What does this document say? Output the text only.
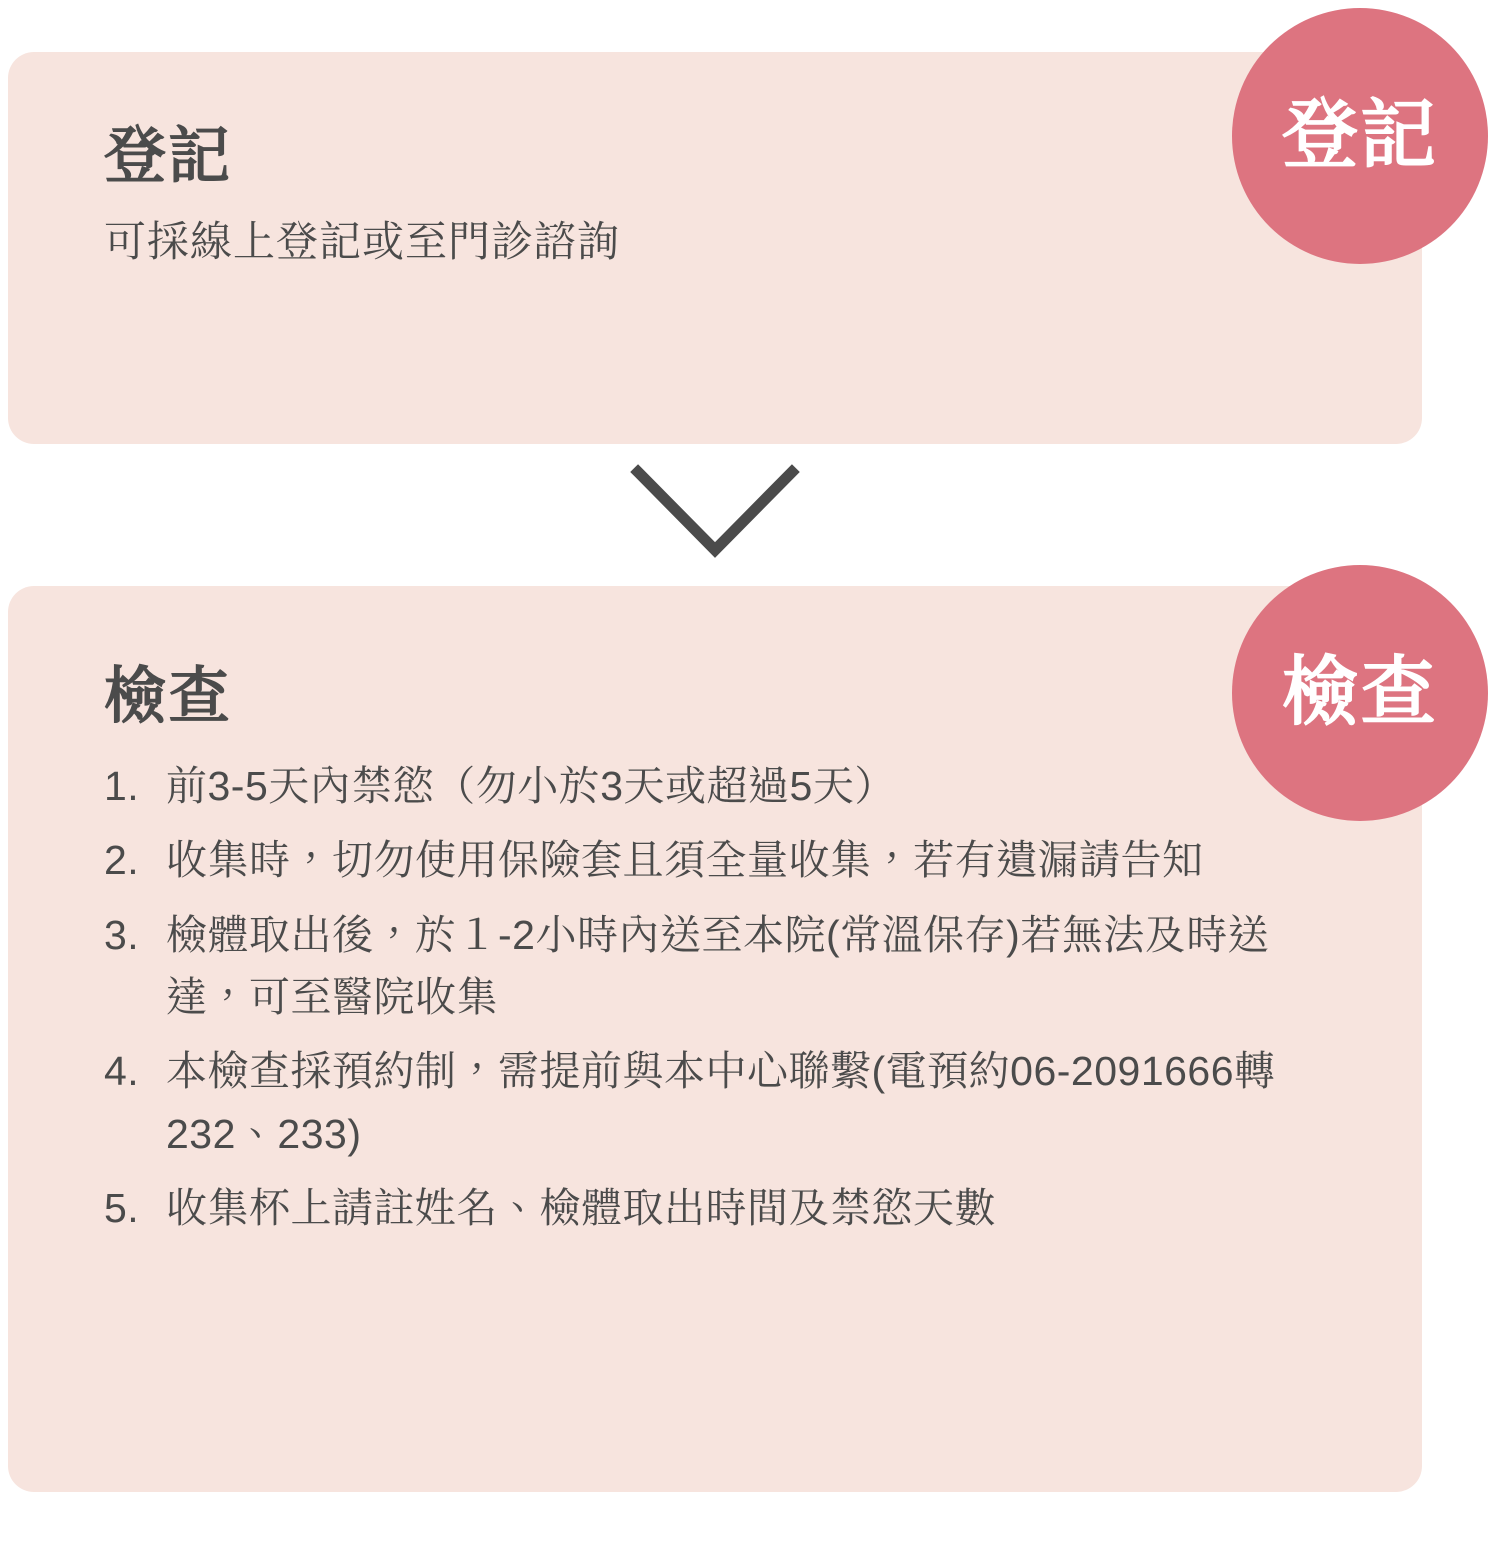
登記

可採線上登記或至門診諮詢

登記
檢查
1. 前3-5天內禁慾（勿小於3天或超過5天）
2. 收集時，切勿使用保險套且須全量收集，若有遺漏請告知
3. 檢體取出後，於１-2小時內送至本院(常溫保存)若無法及時送達，可至醫院收集
4. 本檢查採預約制，需提前與本中心聯繫(電預約06-2091666轉232、233)
5. 收集杯上請註姓名、檢體取出時間及禁慾天數
檢查
